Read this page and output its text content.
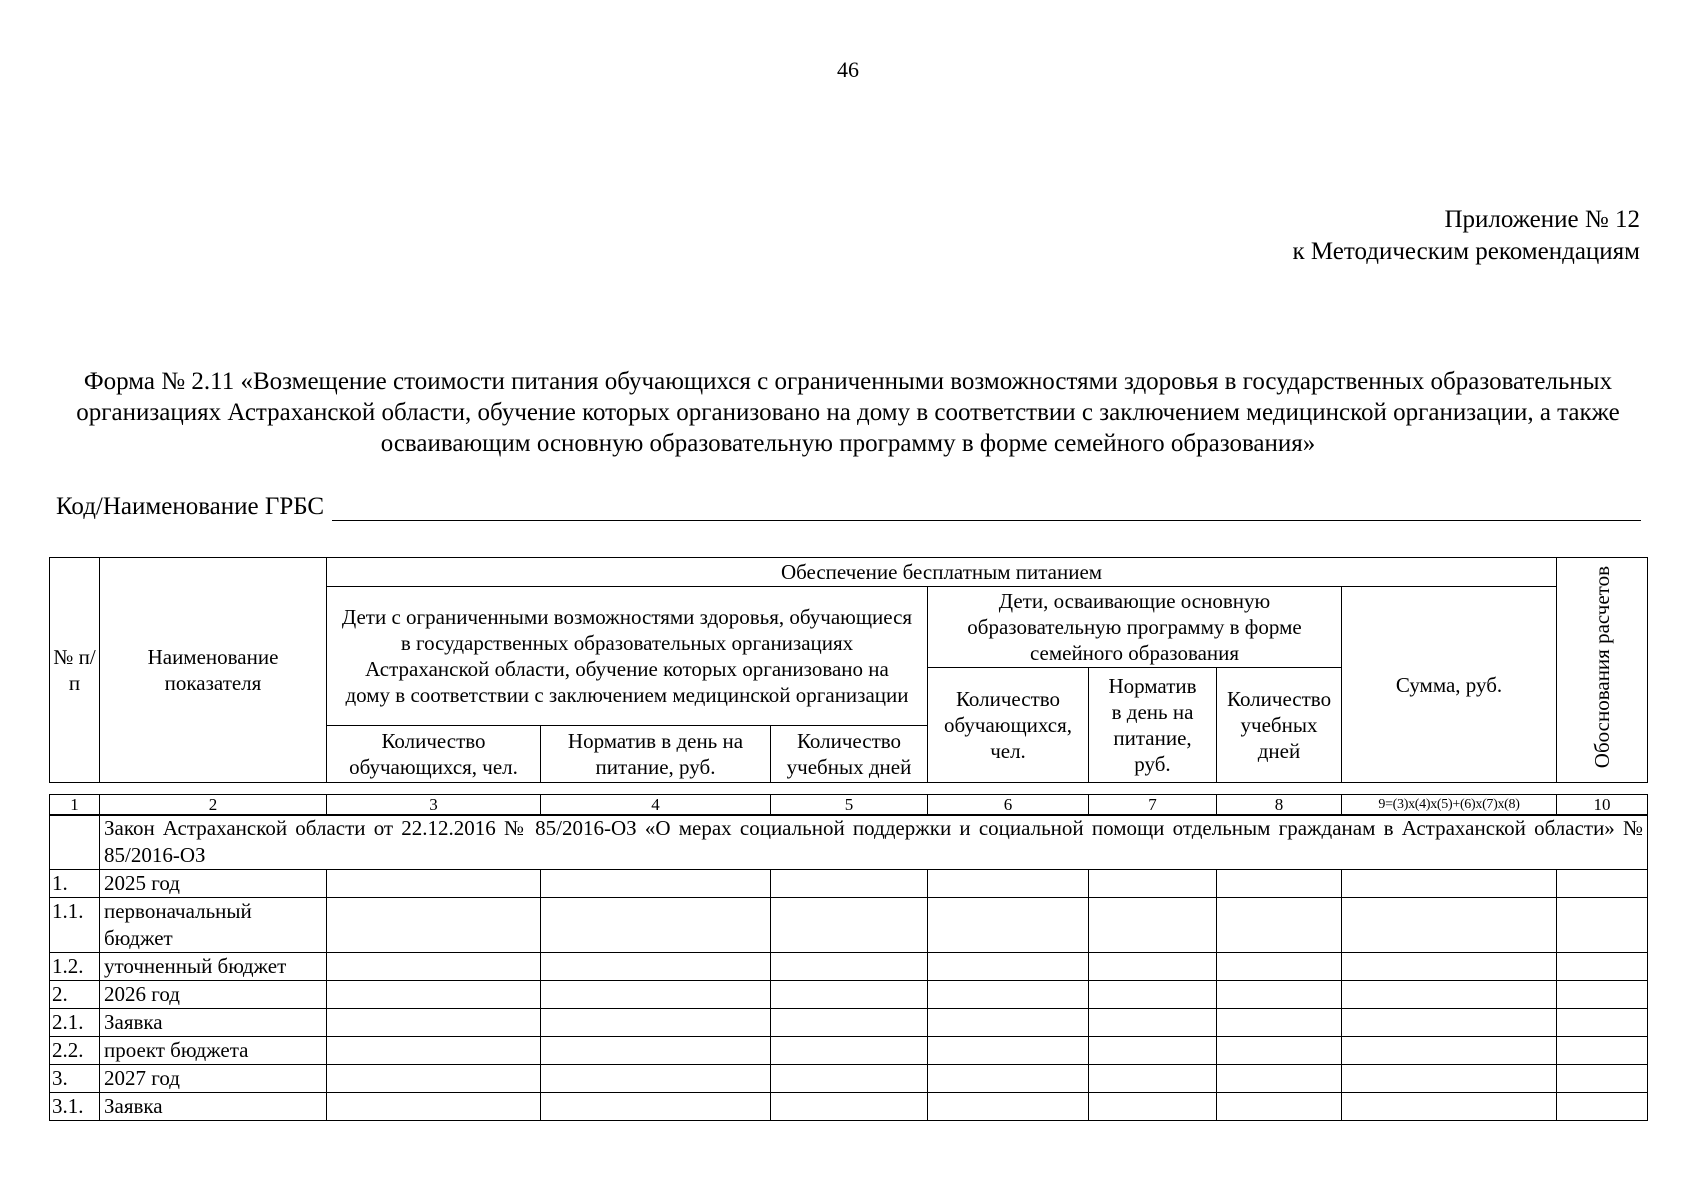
46
Приложение № 12
к Методическим рекомендациям
Форма № 2.11 «Возмещение стоимости питания обучающихся с ограниченными возможностями здоровья в государственных образовательных организациях Астраханской области, обучение которых организовано на дому в соответствии с заключением медицинской организации, а также осваивающим основную образовательную программу в форме семейного образования»
Код/Наименование ГРБС
№ п/п	Наименование показателя	Обеспечение бесплатным питанием							Обоснования расчетов
		Дети с ограниченными возможностями здоровья, обучающиеся в государственных образовательных организациях Астраханской области, обучение которых организовано на дому в соответствии с заключением медицинской организации			Дети, осваивающие основную образовательную программу в форме семейного образования			Сумма, руб.	
					Количество обучающихся, чел.	Норматив в день на питание, руб.	Количество учебных дней		
		Количество обучающихся, чел.	Норматив в день на питание, руб.	Количество учебных дней					
1	2	3	4	5	6	7	8	9=(3)x(4)x(5)+(6)x(7)x(8)	10
	Закон Астраханской области от 22.12.2016 № 85/2016-ОЗ «О мерах социальной поддержки и социальной помощи отдельным гражданам в Астраханской области» № 85/2016-ОЗ								
1.	2025 год								
1.1.	первоначальный бюджет								
1.2.	уточненный бюджет								
2.	2026 год								
2.1.	Заявка								
2.2.	проект бюджета								
3.	2027 год								
3.1.	Заявка								
